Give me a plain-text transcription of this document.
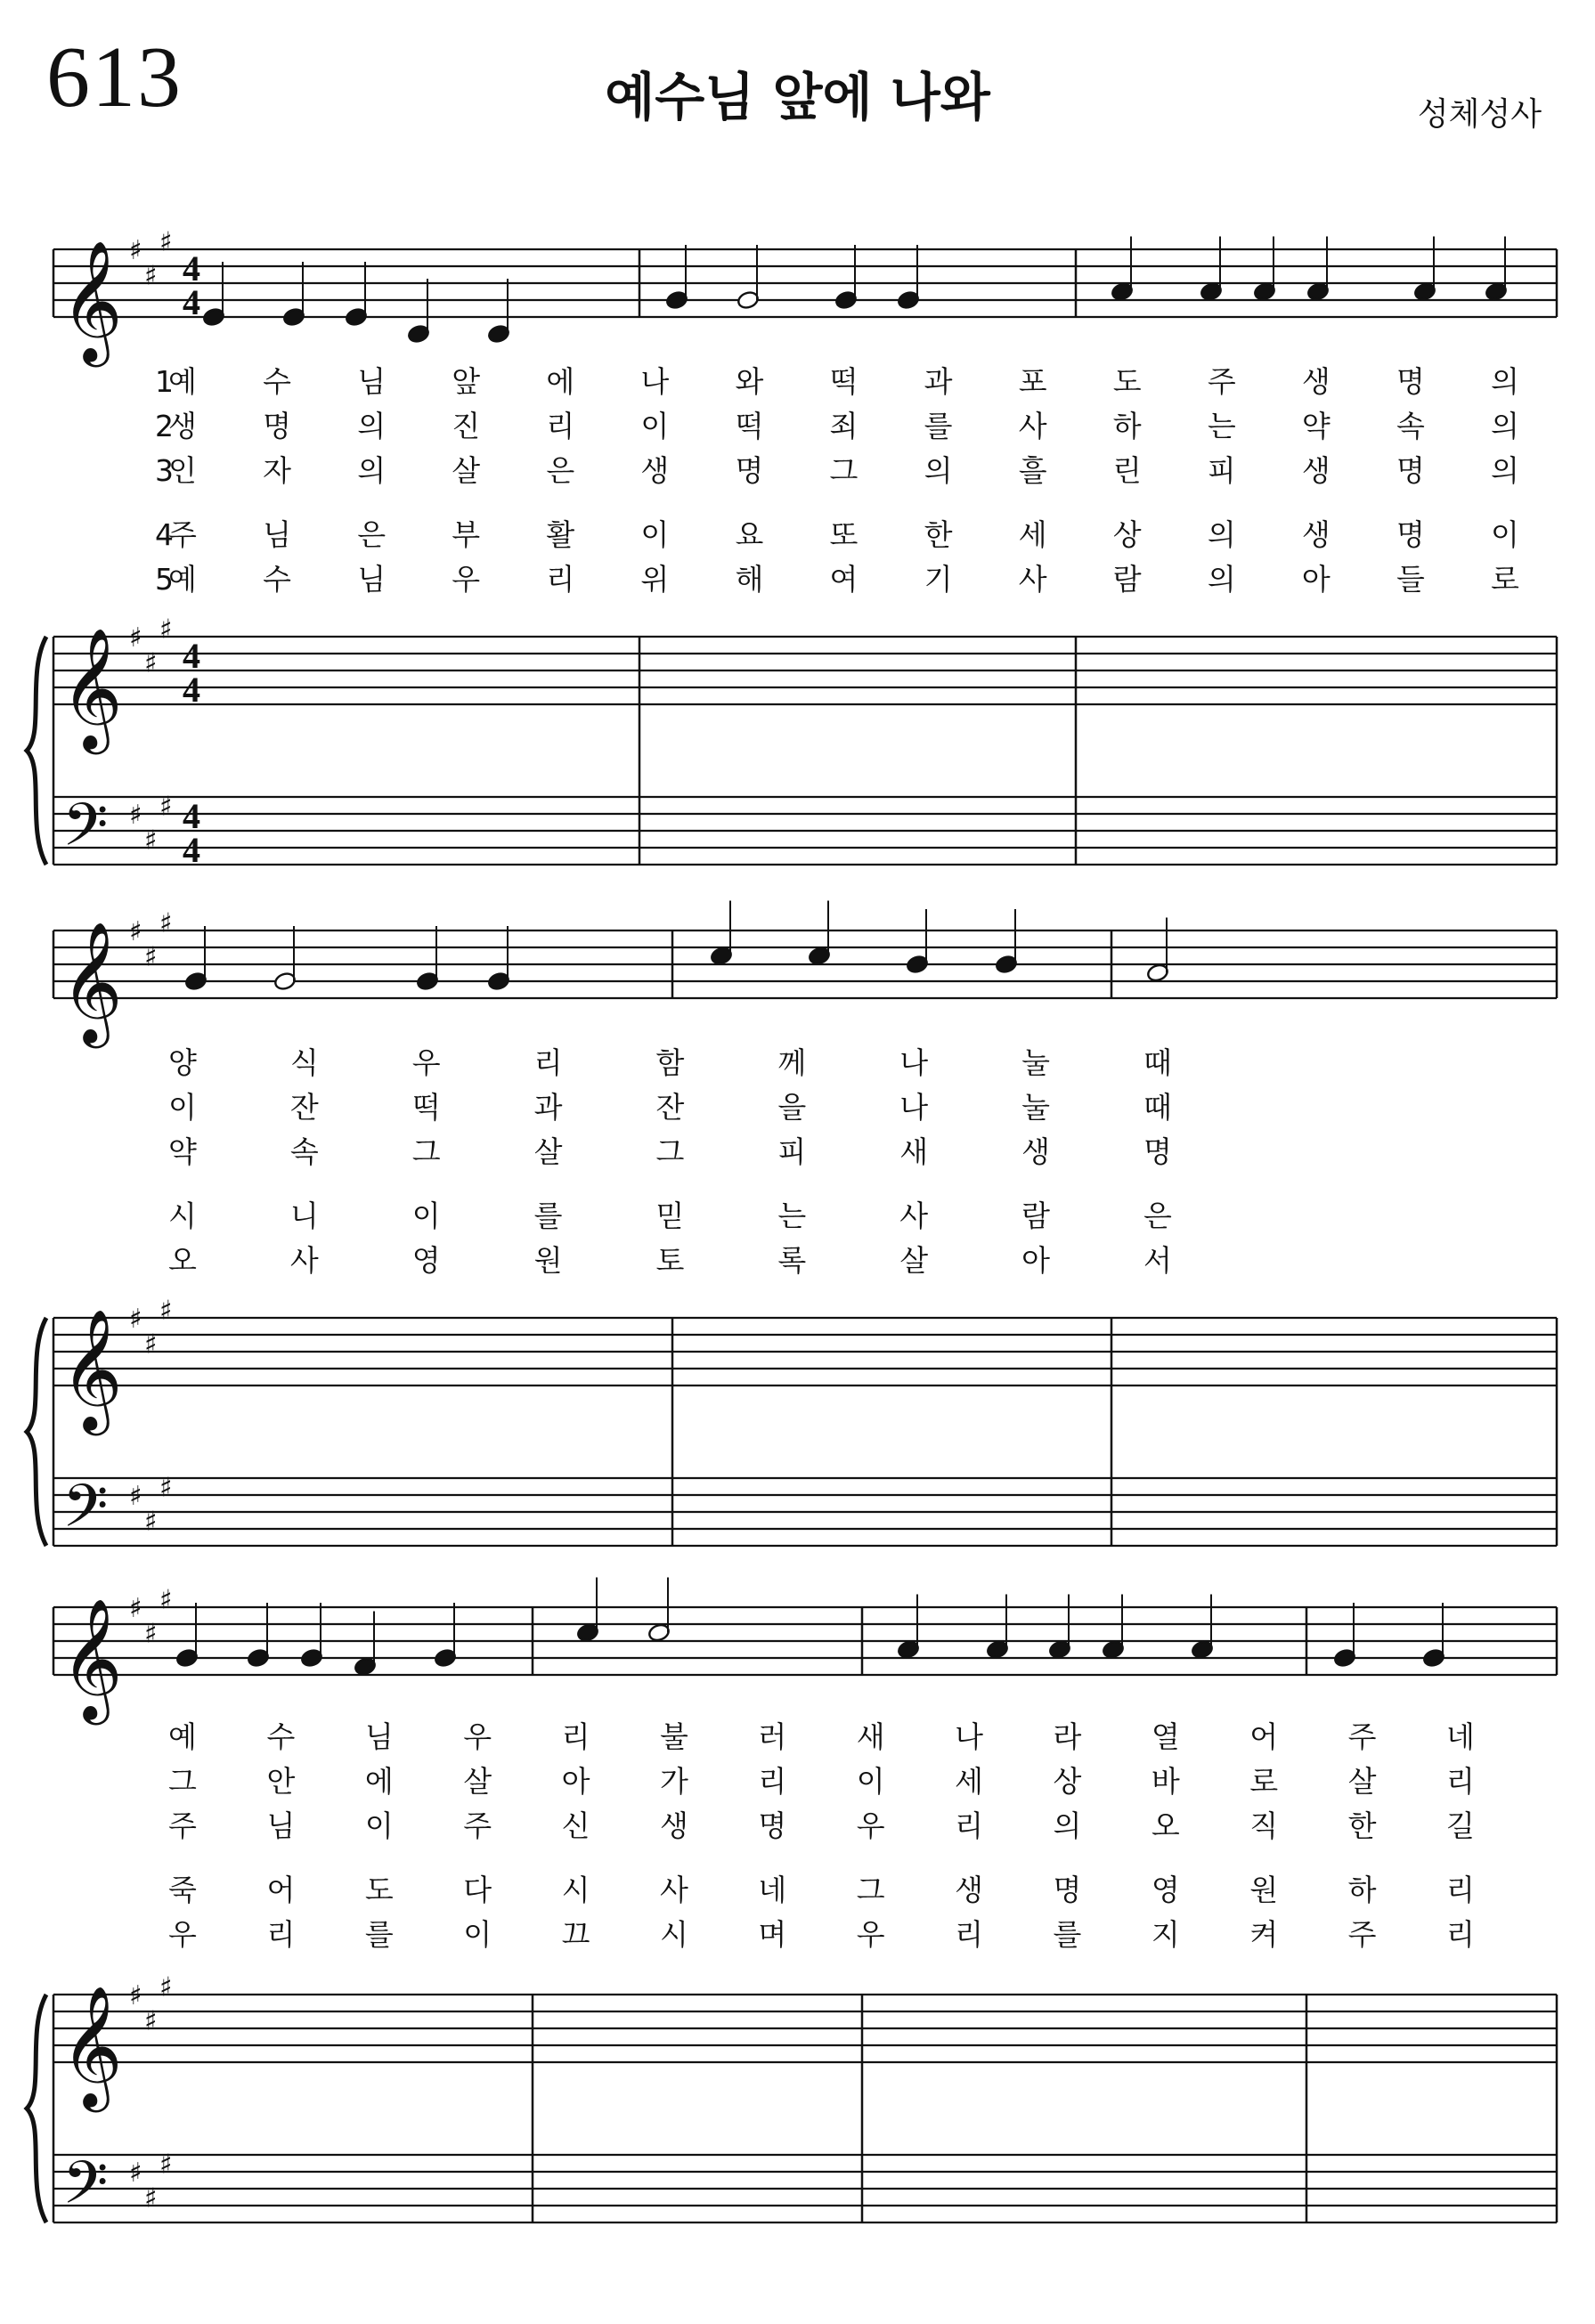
613	예수님 앞에 나와	성체성사
𝄞
𝄞
𝄢
♯
♯
♯
♯
♯
♯
♯
♯
♯
4
4
4
4
4
4
1
예 수 님 앞 에 나 와 떡 과 포 도 주 생 명 의
2
생 명 의 진 리 이 떡 죄 를 사 하 는 약 속 의
3
인 자 의 살 은 생 명 그 의 흘 린 피 생 명 의
4
주 님 은 부 활 이 요 또 한 세 상 의 생 명 이
5
예 수 님 우 리 위 해 여 기 사 람 의 아 들 로
𝄞
𝄞
𝄢
♯
♯
♯
♯
♯
♯
♯
♯
♯
양	식	우	리	함	께	나	눌	때
이	잔	떡	과	잔	을	나	눌	때
약	속	그	살	그	피	새	생	명
시	니	이	를	믿	는	사	람	은
오	사	영	원	토	록	살	아	서
𝄞
𝄞
𝄢
♯
♯
♯
♯
♯
♯
♯
♯
♯
예 수 님 우 리 불 러 새 나 라 열 어 주 네
그 안 에 살 아 가 리 이 세 상 바 로 살 리
주 님 이 주 신 생 명 우 리 의 오 직 한 길
죽 어 도 다 시 사 네 그 생 명 영 원 하 리
우 리 를 이 끄 시 며 우 리 를 지 켜 주 리
